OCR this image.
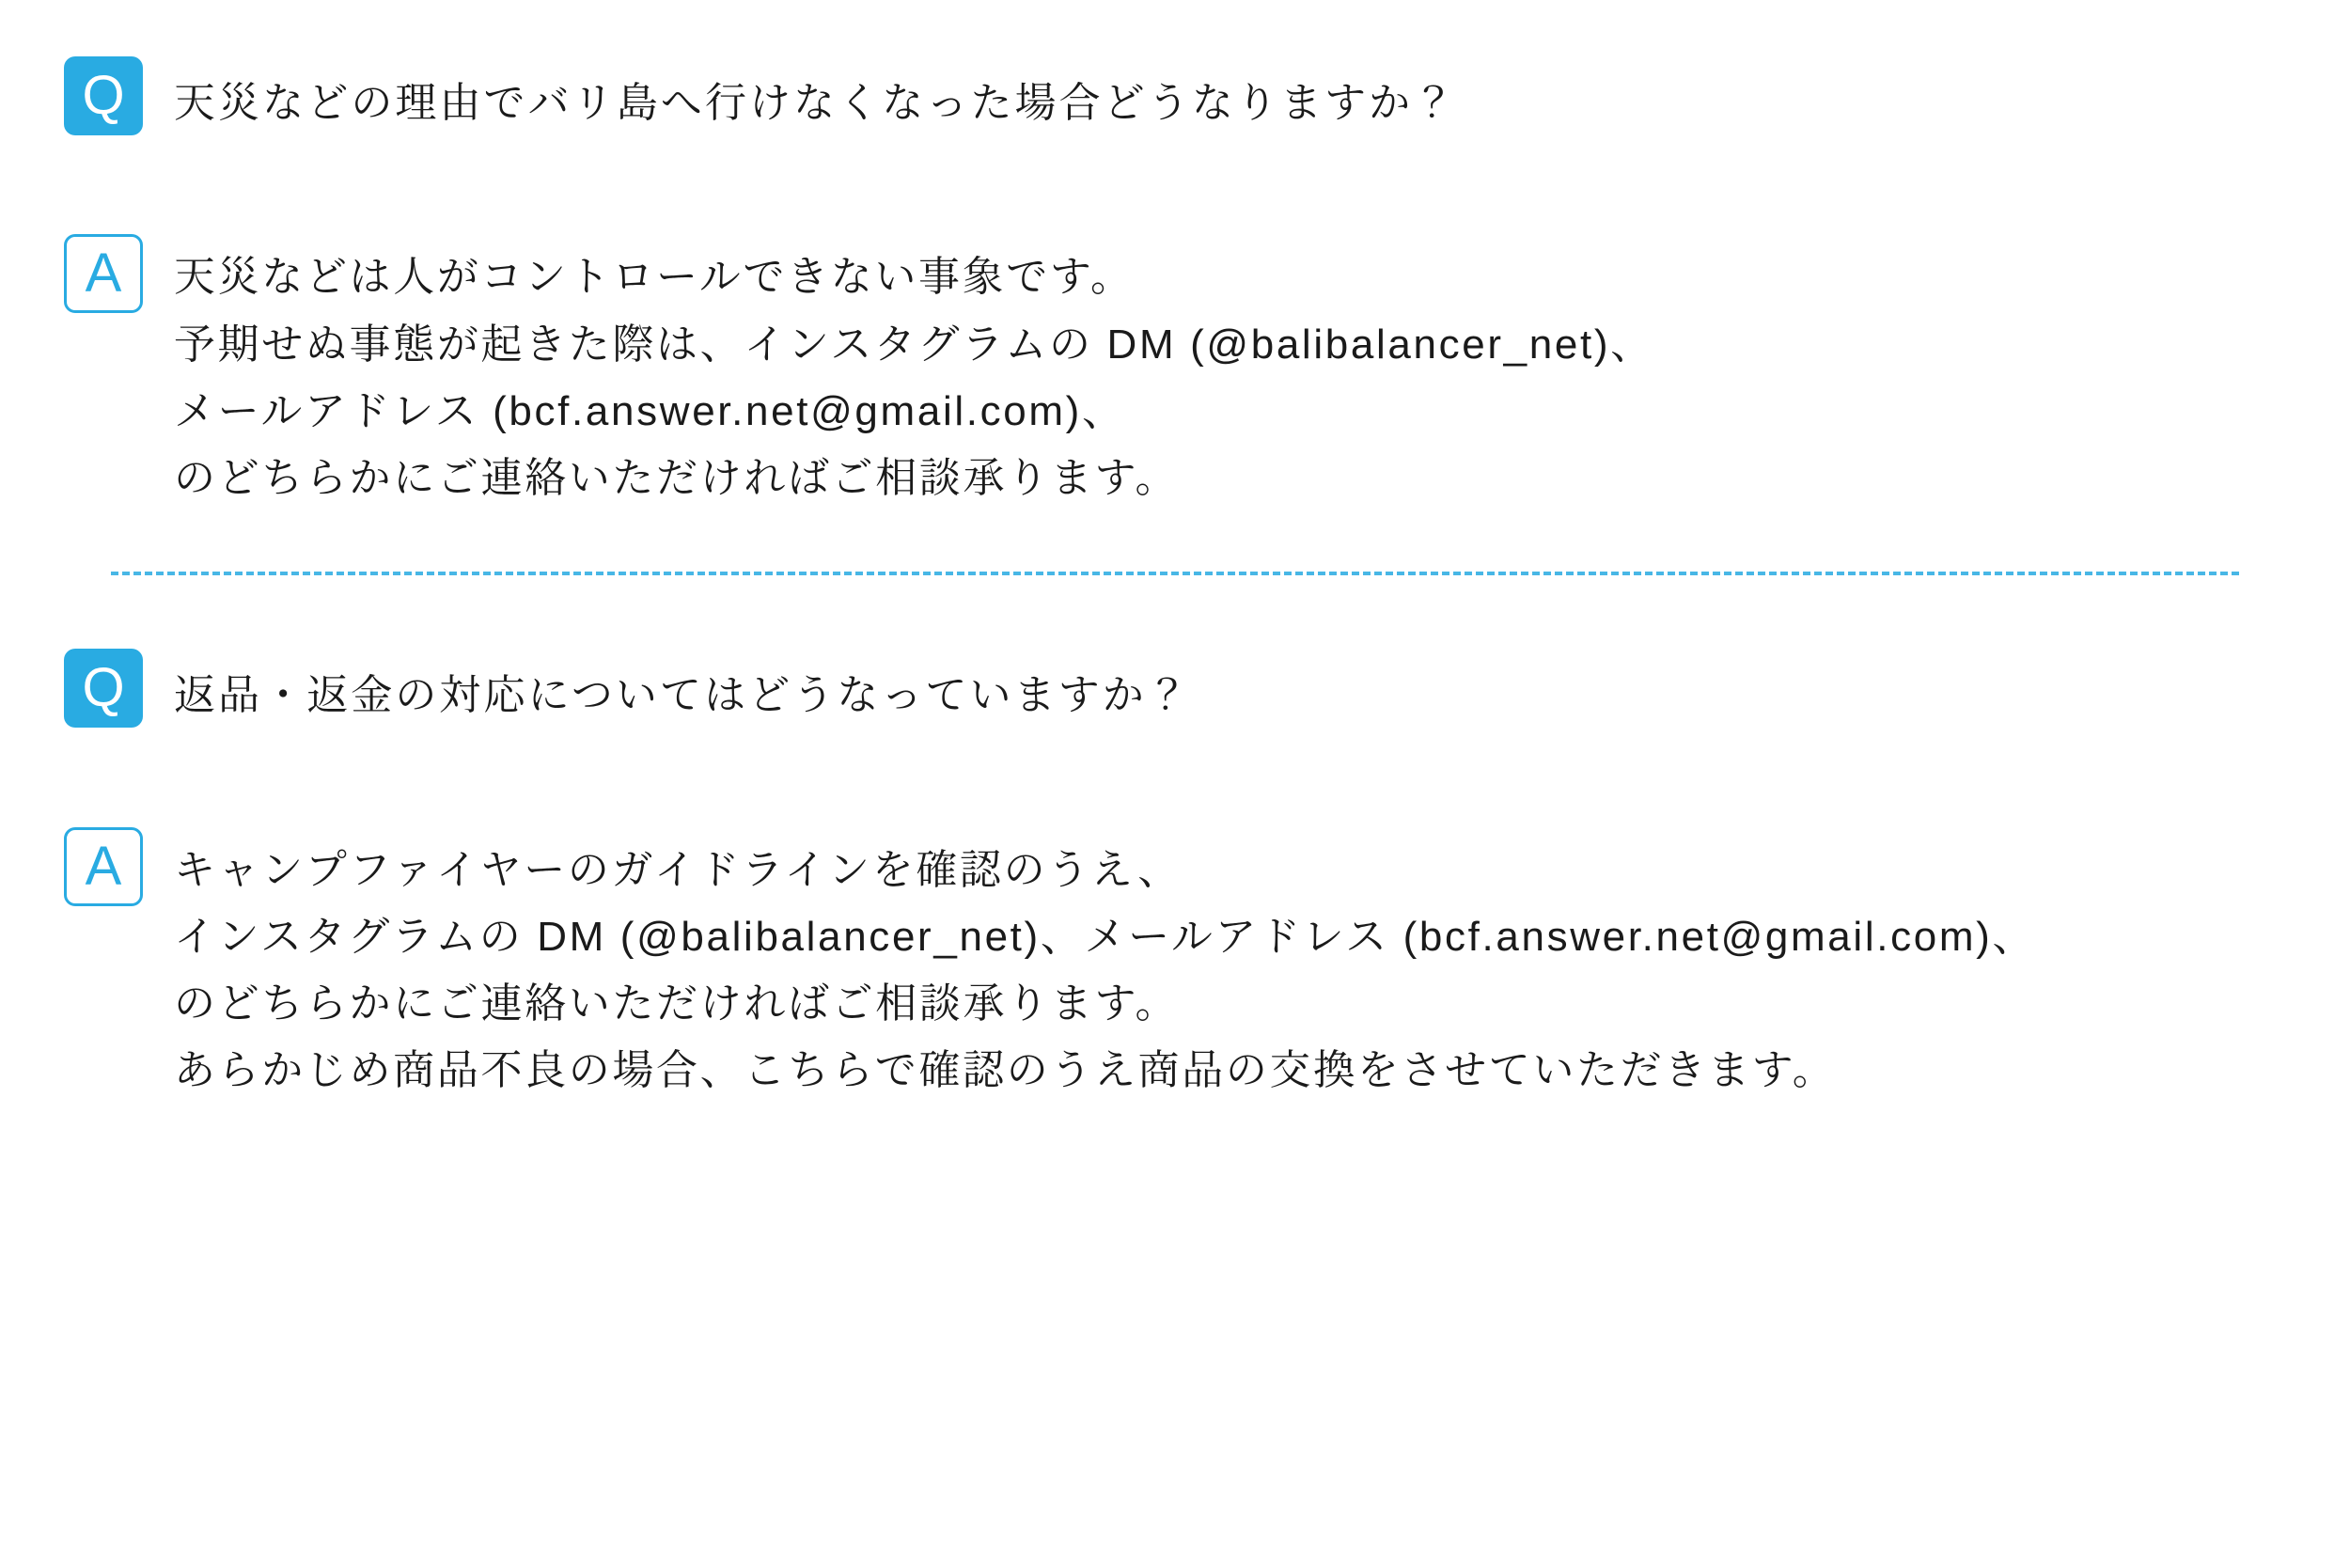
Q	天災などの理由でバリ島へ行けなくなった場合どうなりますか？
A	天災などは人がコントロールできない事象です。
予期せぬ事態が起きた際は、インスタグラムの DM (@balibalancer_net)、
メールアドレス (bcf.answer.net@gmail.com)、
のどちらかにご連絡いただければご相談承ります。
Q	返品・返金の対応についてはどうなっていますか？
A	キャンプファイヤーのガイドラインを確認のうえ、
インスタグラムの DM (@balibalancer_net)、メールアドレス (bcf.answer.net@gmail.com)、
のどちらかにご連絡いただければご相談承ります。
あらかじめ商品不良の場合、こちらで確認のうえ商品の交換をさせていただきます。
